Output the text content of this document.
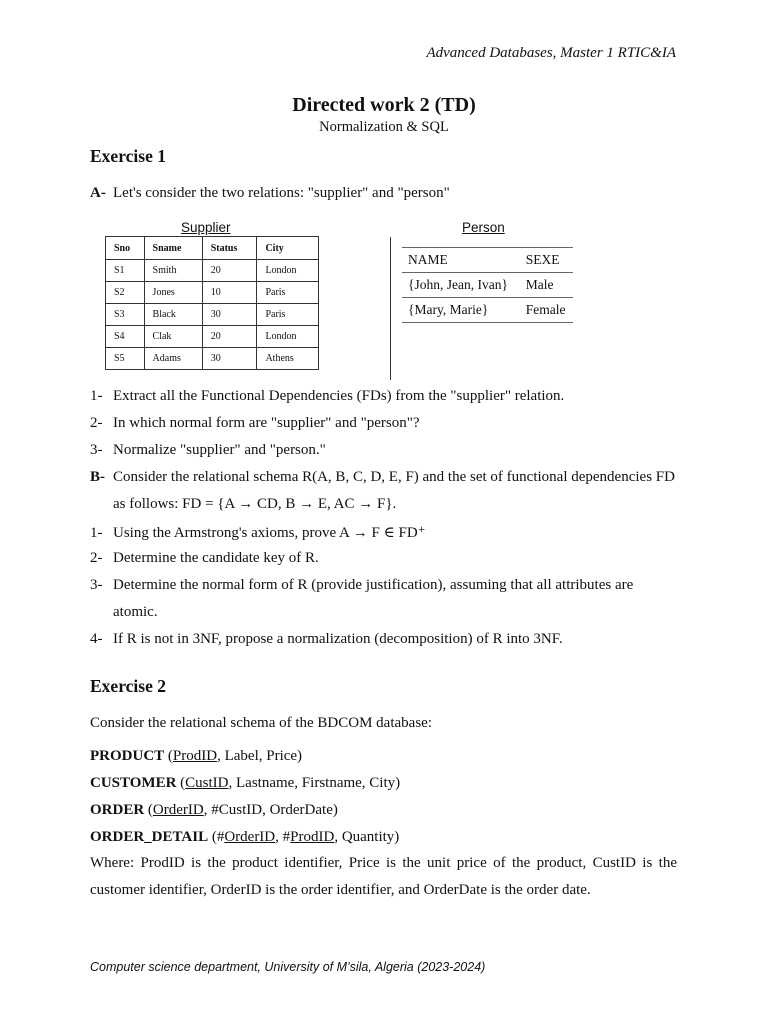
Advanced Databases, Master 1 RTIC&IA
Directed work 2 (TD)
Normalization & SQL
Exercise 1
A- Let's consider the two relations: "supplier" and "person"
Supplier
Sno	Sname	Status	City
S1	Smith	20	London
S2	Jones	10	Paris
S3	Black	30	Paris
S4	Clak	20	London
S5	Adams	30	Athens
Person
NAME	SEXE
{John, Jean, Ivan}	Male
{Mary, Marie}	Female
1- Extract all the Functional Dependencies (FDs) from the "supplier" relation.
2- In which normal form are "supplier" and "person"?
3- Normalize "supplier" and "person."
B- Consider the relational schema R(A, B, C, D, E, F) and the set of functional dependencies FD
as follows: FD = {A → CD, B → E, AC → F}.
1- Using the Armstrong's axioms, prove A → F ∈ FD⁺
2- Determine the candidate key of R.
3- Determine the normal form of R (provide justification), assuming that all attributes are
atomic.
4- If R is not in 3NF, propose a normalization (decomposition) of R into 3NF.
Exercise 2
Consider the relational schema of the BDCOM database:
PRODUCT (ProdID, Label, Price)
CUSTOMER (CustID, Lastname, Firstname, City)
ORDER (OrderID, #CustID, OrderDate)
ORDER_DETAIL (#OrderID, #ProdID, Quantity)
Where: ProdID is the product identifier, Price is the unit price of the product, CustID is the customer identifier, OrderID is the order identifier, and OrderDate is the order date.
Computer science department, University of M’sila, Algeria (2023-2024)
